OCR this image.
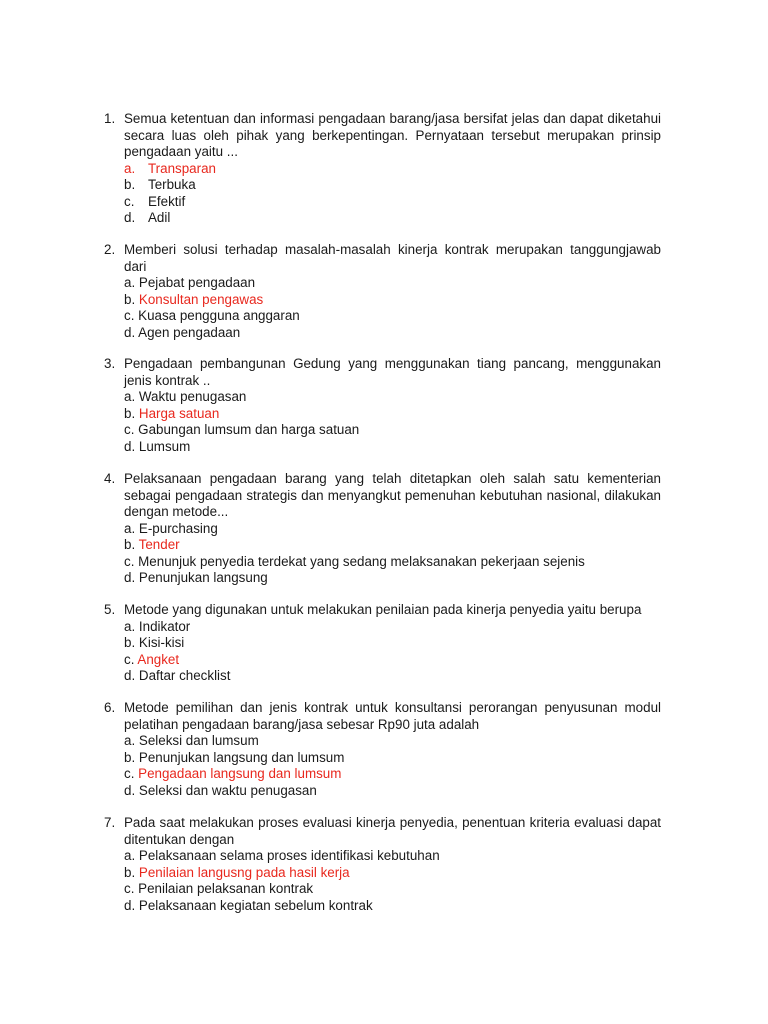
1. Semua ketentuan dan informasi pengadaan barang/jasa bersifat jelas dan dapat diketahui secara luas oleh pihak yang berkepentingan. Pernyataan tersebut merupakan prinsip pengadaan yaitu ...
a. Transparan
b. Terbuka
c. Efektif
d. Adil
2. Memberi solusi terhadap masalah-masalah kinerja kontrak merupakan tanggungjawab dari
a. Pejabat pengadaan
b. Konsultan pengawas
c. Kuasa pengguna anggaran
d. Agen pengadaan
3. Pengadaan pembangunan Gedung yang menggunakan tiang pancang, menggunakan jenis kontrak ..
a. Waktu penugasan
b. Harga satuan
c. Gabungan lumsum dan harga satuan
d. Lumsum
4. Pelaksanaan pengadaan barang yang telah ditetapkan oleh salah satu kementerian sebagai pengadaan strategis dan menyangkut pemenuhan kebutuhan nasional, dilakukan dengan metode...
a. E-purchasing
b. Tender
c. Menunjuk penyedia terdekat yang sedang melaksanakan pekerjaan sejenis
d. Penunjukan langsung
5. Metode yang digunakan untuk melakukan penilaian pada kinerja penyedia yaitu berupa
a. Indikator
b. Kisi-kisi
c. Angket
d. Daftar checklist
6. Metode pemilihan dan jenis kontrak untuk konsultansi perorangan penyusunan modul pelatihan pengadaan barang/jasa sebesar Rp90 juta adalah
a. Seleksi dan lumsum
b. Penunjukan langsung dan lumsum
c. Pengadaan langsung dan lumsum
d. Seleksi dan waktu penugasan
7. Pada saat melakukan proses evaluasi kinerja penyedia, penentuan kriteria evaluasi dapat ditentukan dengan
a. Pelaksanaan selama proses identifikasi kebutuhan
b. Penilaian langusng pada hasil kerja
c. Penilaian pelaksanan kontrak
d. Pelaksanaan kegiatan sebelum kontrak
